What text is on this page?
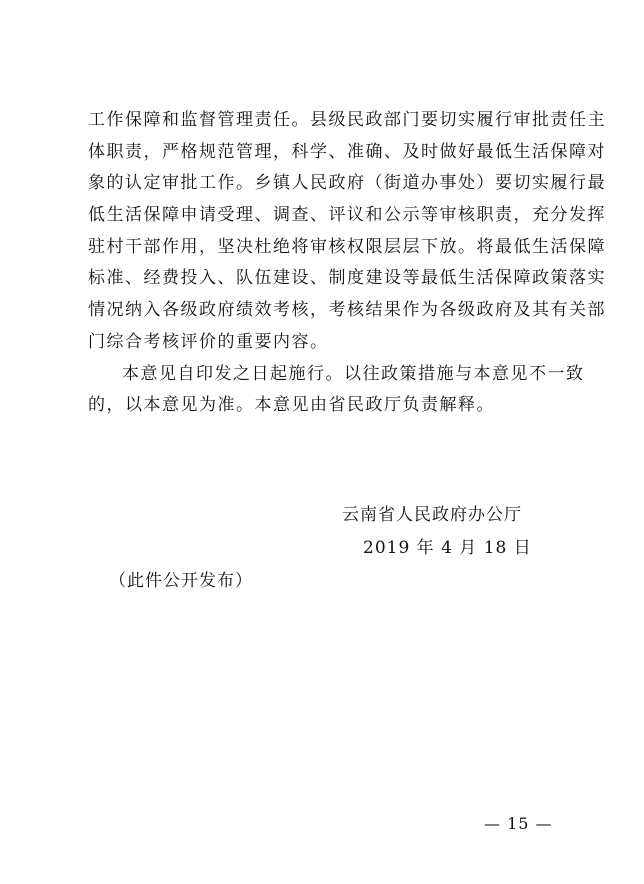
工作保障和监督管理责任。县级民政部门要切实履行审批责任主
体职责，严格规范管理，科学、准确、及时做好最低生活保障对
象的认定审批工作。乡镇人民政府（街道办事处）要切实履行最
低生活保障申请受理、调查、评议和公示等审核职责，充分发挥
驻村干部作用，坚决杜绝将审核权限层层下放。将最低生活保障
标准、经费投入、队伍建设、制度建设等最低生活保障政策落实
情况纳入各级政府绩效考核，考核结果作为各级政府及其有关部
门综合考核评价的重要内容。
本意见自印发之日起施行。以往政策措施与本意见不一致
的，以本意见为准。本意见由省民政厅负责解释。
云南省人民政府办公厅
2019 年 4 月 18 日
（此件公开发布）
— 15 —
